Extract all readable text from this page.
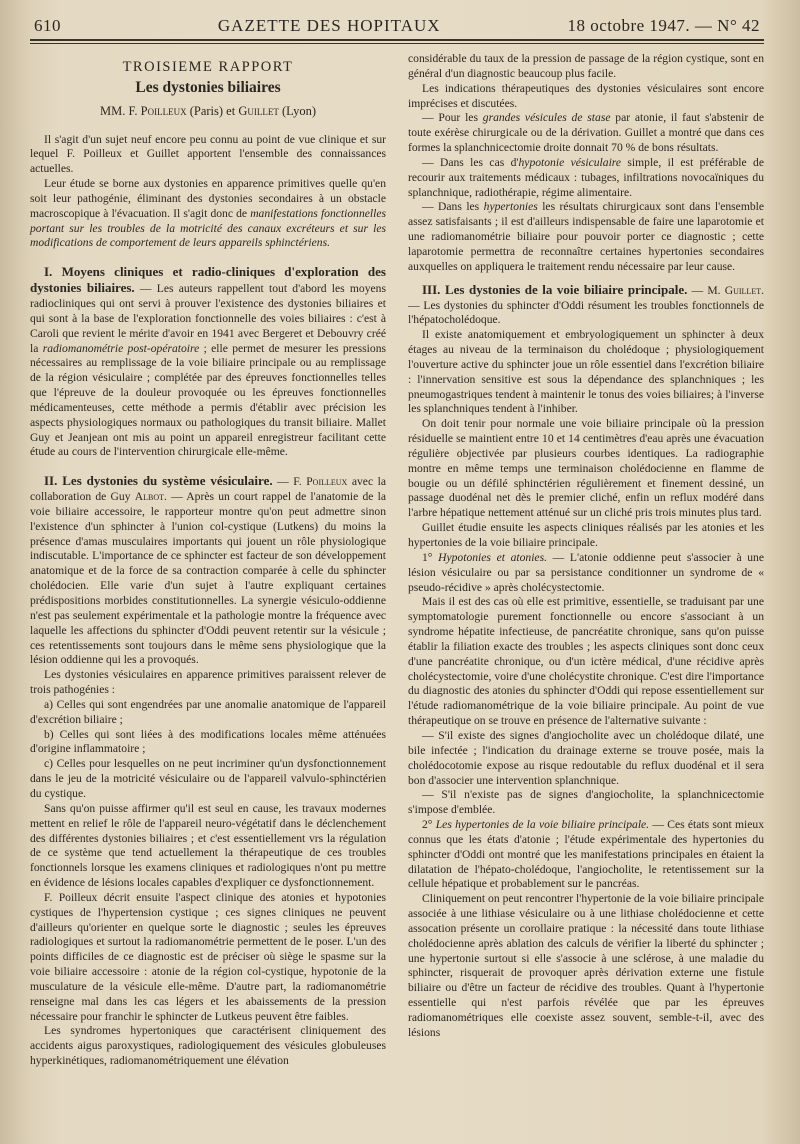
610	GAZETTE DES HOPITAUX	18 octobre 1947. — N° 42
TROISIEME RAPPORT
Les dystonies biliaires
MM. F. Poilleux (Paris) et Guillet (Lyon)

Il s'agit d'un sujet neuf encore peu connu au point de vue clinique et sur lequel F. Poilleux et Guillet apportent l'ensemble des connaissances actuelles.

Leur étude se borne aux dystonies en apparence primitives quelle qu'en soit leur pathogénie, éliminant des dystonies secondaires à un obstacle macroscopique à l'évacuation. Il s'agit donc de manifestations fonctionnelles portant sur les troubles de la motricité des canaux excréteurs et sur les modifications de comportement de leurs appareils sphinctériens.

I. Moyens cliniques et radio-cliniques d'exploration des dystonies biliaires. — Les auteurs rappellent tout d'abord les moyens radiocliniques qui ont servi à prouver l'existence des dystonies biliaires et qui sont à la base de l'exploration fonctionnelle des voies biliaires : c'est à Caroli que revient le mérite d'avoir en 1941 avec Bergeret et Debouvry créé la radiomanométrie post-opératoire ; elle permet de mesurer les pressions nécessaires au remplissage de la voie biliaire principale ou au remplissage de la région vésiculaire ; complétée par des épreuves fonctionnelles telles que l'épreuve de la douleur provoquée ou les épreuves fonctionnelles médicamenteuses, cette méthode a permis d'établir avec précision les aspects physiologiques normaux ou pathologiques du transit biliaire. Mallet Guy et Jeanjean ont mis au point un appareil enregistreur facilitant cette étude au cours de l'intervention chirurgicale elle-même.

II. Les dystonies du système vésiculaire. — F. Poilleux avec la collaboration de Guy Albot. — Après un court rappel de l'anatomie de la voie biliaire accessoire, le rapporteur montre qu'on peut admettre sinon l'existence d'un sphincter à l'union col-cystique (Lutkens) du moins la présence d'amas musculaires importants qui jouent un rôle physiologique indiscutable. L'importance de ce sphincter est facteur de son développement anatomique et de la force de sa contraction comparée à celle du sphincter cholédocien. Elle varie d'un sujet à l'autre expliquant certaines prédispositions morbides constitutionnelles. La synergie vésiculo-oddienne n'est pas seulement expérimentale et la pathologie montre la fréquence avec laquelle les affections du sphincter d'Oddi peuvent retentir sur la vésicule ; ces retentissements sont toujours dans le même sens physiologique que la lésion oddienne qui les a provoqués.

Les dystonies vésiculaires en apparence primitives paraissent relever de trois pathogénies :

a) Celles qui sont engendrées par une anomalie anatomique de l'appareil d'excrétion biliaire ;

b) Celles qui sont liées à des modifications locales même atténuées d'origine inflammatoire ;

c) Celles pour lesquelles on ne peut incriminer qu'un dysfonctionnement dans le jeu de la motricité vésiculaire ou de l'appareil valvulo-sphinctérien du cystique.

Sans qu'on puisse affirmer qu'il est seul en cause, les travaux modernes mettent en relief le rôle de l'appareil neuro-végétatif dans le déclenchement des différentes dystonies biliaires ; et c'est essentiellement vrs la régulation de ce système que tend actuellement la thérapeutique de ces troubles fonctionnels lorsque les examens cliniques et radiologiques n'ont pu mettre en évidence de lésions locales capables d'expliquer ce dysfonctionnement.

F. Poilleux décrit ensuite l'aspect clinique des atonies et hypotonies cystiques de l'hypertension cystique ; ces signes cliniques ne peuvent d'ailleurs qu'orienter en quelque sorte le diagnostic ; seules les épreuves radiologiques et surtout la radiomanométrie permettent de le poser. L'un des points difficiles de ce diagnostic est de préciser où siège le spasme sur la voie biliaire accessoire : atonie de la région col-cystique, hypotonie de la musculature de la vésicule elle-même. D'autre part, la radiomanométrie renseigne mal dans les cas légers et les abaissements de la pression nécessaire pour franchir le sphincter de Lutkeus peuvent être faibles.

Les syndromes hypertoniques que caractérisent cliniquement des accidents aigus paroxystiques, radiologiquement des vésicules globuleuses hyperkinétiques, radiomanométriquement une élévation

considérable du taux de la pression de passage de la région cystique, sont en général d'un diagnostic beaucoup plus facile.

Les indications thérapeutiques des dystonies vésiculaires sont encore imprécises et discutées.

— Pour les grandes vésicules de stase par atonie, il faut s'abstenir de toute exérèse chirurgicale ou de la dérivation. Guillet a montré que dans ces formes la splanchnicectomie droite donnait 70 % de bons résultats.

— Dans les cas d'hypotonie vésiculaire simple, il est préférable de recourir aux traitements médicaux : tubages, infiltrations novocaïniques du splanchnique, radiothérapie, régime alimentaire.

— Dans les hypertonies les résultats chirurgicaux sont dans l'ensemble assez satisfaisants ; il est d'ailleurs indispensable de faire une laparotomie et une radiomanométrie biliaire pour pouvoir porter ce diagnostic ; cette laparotomie permettra de reconnaître certaines hypertonies secondaires auxquelles on appliquera le traitement rendu nécessaire par leur cause.

III. Les dystonies de la voie biliaire principale. — M. Guillet. — Les dystonies du sphincter d'Oddi résument les troubles fonctionnels de l'hépatocholédoque.

Il existe anatomiquement et embryologiquement un sphincter à deux étages au niveau de la terminaison du cholédoque ; physiologiquement l'ouverture active du sphincter joue un rôle essentiel dans l'excrétion biliaire : l'innervation sensitive est sous la dépendance des splanchniques ; les pneumogastriques tendent à maintenir le tonus des voies biliaires; à l'inverse les splanchniques tendent à l'inhiber.

On doit tenir pour normale une voie biliaire principale où la pression résiduelle se maintient entre 10 et 14 centimètres d'eau après une évacuation régulière objectivée par plusieurs courbes identiques. La radiographie montre en même temps une terminaison cholédocienne en flamme de bougie ou un défilé sphinctérien régulièrement et finement dessiné, un passage duodénal net dès le premier cliché, enfin un reflux modéré dans l'arbre hépatique nettement atténué sur un cliché pris trois minutes plus tard.

Guillet étudie ensuite les aspects cliniques réalisés par les atonies et les hypertonies de la voie biliaire principale.

1° Hypotonies et atonies. — L'atonie oddienne peut s'associer à une lésion vésiculaire ou par sa persistance conditionner un syndrome de « pseudo-récidive » après cholécystectomie.

Mais il est des cas où elle est primitive, essentielle, se traduisant par une symptomatologie purement fonctionnelle ou encore s'associant à un syndrome hépatite infectieuse, de pancréatite chronique, sans qu'on puisse établir la filiation exacte des troubles ; les aspects cliniques sont donc ceux d'une pancréatite chronique, ou d'un ictère médical, d'une récidive après cholécystectomie, voire d'une cholécystite chronique. C'est dire l'importance du diagnostic des atonies du sphincter d'Oddi qui repose essentiellement sur l'étude radiomanométrique de la voie biliaire principale. Au point de vue thérapeutique on se trouve en présence de l'alternative suivante :

— S'il existe des signes d'angiocholite avec un cholédoque dilaté, une bile infectée ; l'indication du drainage externe se trouve posée, mais la cholédocotomie expose au risque redoutable du reflux duodénal et il sera bon d'associer une intervention splanchnique.

— S'il n'existe pas de signes d'angiocholite, la splanchnicectomie s'impose d'emblée.

2° Les hypertonies de la voie biliaire principale. — Ces états sont mieux connus que les états d'atonie ; l'étude expérimentale des hypertonies du sphincter d'Oddi ont montré que les manifestations principales en étaient la dilatation de l'hépato-cholédoque, l'angiocholite, le retentissement sur la cellule hépatique et probablement sur le pancréas.

Cliniquement on peut rencontrer l'hypertonie de la voie biliaire principale associée à une lithiase vésiculaire ou à une lithiase cholédocienne et cette assocation présente un corollaire pratique : la nécessité dans toute lithiase cholédocienne après ablation des calculs de vérifier la liberté du sphincter ; une hypertonie surtout si elle s'associe à une sclérose, à une maladie du sphincter, risquerait de provoquer après dérivation externe une fistule biliaire ou d'être un facteur de récidive des troubles. Quant à l'hypertonie essentielle qui n'est parfois révélée que par les épreuves radiomanométriques elle coexiste assez souvent, semble-t-il, avec des lésions
